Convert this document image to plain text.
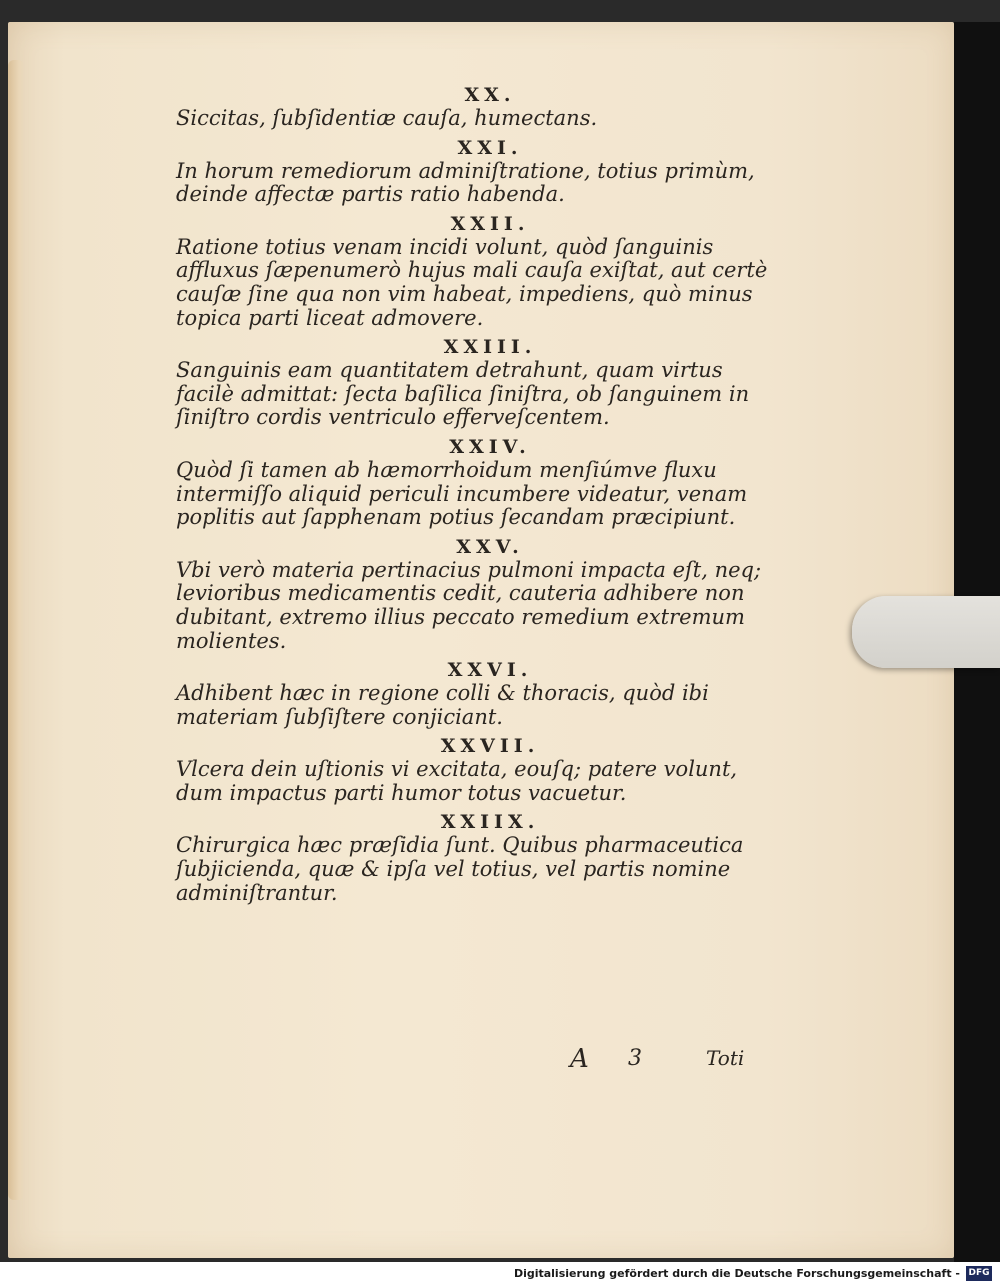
XX.
Siccitas, ſubſidentiæ cauſa, humectans.
XXI.
In horum remediorum adminiſtratione, totius primùm, deinde affectæ partis ratio habenda.
XXII.
Ratione totius venam incidi volunt, quòd ſanguinis affluxus ſæpenumerò hujus mali cauſa exiſtat, aut certè cauſæ ſine qua non vim habeat, impediens, quò minus topica parti liceat admovere.
XXIII.
Sanguinis eam quantitatem detrahunt, quam virtus facilè admittat: ſecta baſilica ſiniſtra, ob ſanguinem in ſiniſtro cordis ventriculo efferveſcentem.
XXIV.
Quòd ſi tamen ab hæmorrhoidum menſiúmve fluxu intermiſſo aliquid periculi incumbere videatur, venam poplitis aut ſapphenam potius ſecandam præcipiunt.
XXV.
Vbi verò materia pertinacius pulmoni impacta eſt, neq; levioribus medicamentis cedit, cauteria adhibere non dubitant, extremo illius peccato remedium extremum molientes.
XXVI.
Adhibent hæc in regione colli & thoracis, quòd ibi materiam ſubſiſtere conjiciant.
XXVII.
Vlcera dein uſtionis vi excitata, eouſq; patere volunt, dum impactus parti humor totus vacuetur.
XXIIX.
Chirurgica hæc præſidia ſunt. Quibus pharmaceutica ſubjicienda, quæ & ipſa vel totius, vel partis nomine adminiſtrantur.
A 3	Toti
Digitalisierung gefördert durch die Deutsche Forschungsgemeinschaft - DFG
